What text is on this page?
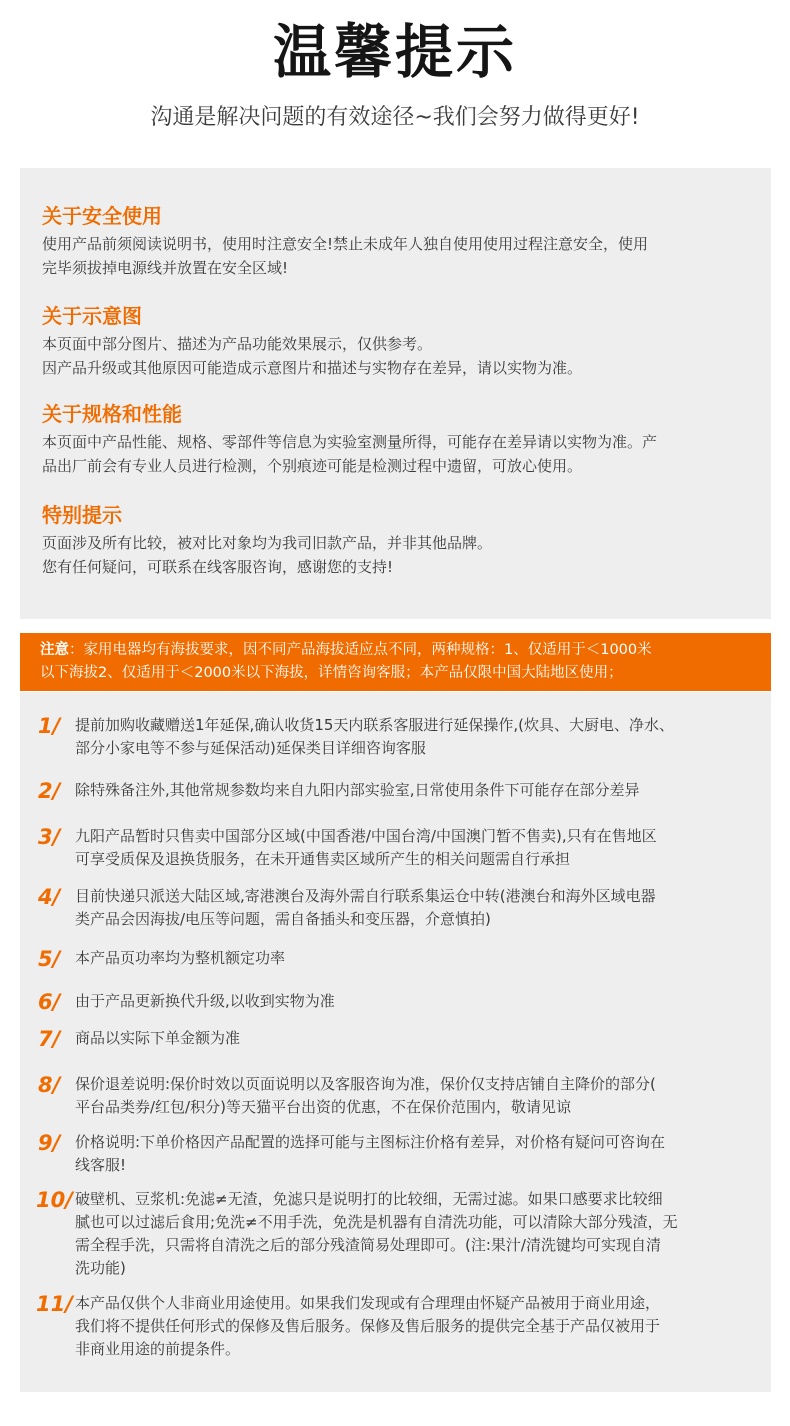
温馨提示
沟通是解决问题的有效途径~我们会努力做得更好!
关于安全使用
使用产品前须阅读说明书，使用时注意安全!禁止未成年人独自使用使用过程注意安全，使用
完毕须拔掉电源线并放置在安全区域!
关于示意图
本页面中部分图片、描述为产品功能效果展示，仅供参考。
因产品升级或其他原因可能造成示意图片和描述与实物存在差异，请以实物为准。
关于规格和性能
本页面中产品性能、规格、零部件等信息为实验室测量所得，可能存在差异请以实物为准。产
品出厂前会有专业人员进行检测，个别痕迹可能是检测过程中遗留，可放心使用。
特别提示
页面涉及所有比较，被对比对象均为我司旧款产品，并非其他品牌。
您有任何疑问，可联系在线客服咨询，感谢您的支持!
注意：家用电器均有海拔要求，因不同产品海拔适应点不同，两种规格：1、仅适用于＜1000米
以下海拔2、仅适用于＜2000米以下海拔，详情咨询客服；本产品仅限中国大陆地区使用；
1/ 提前加购收藏赠送1年延保,确认收货15天内联系客服进行延保操作,(炊具、大厨电、净水、
部分小家电等不参与延保活动)延保类目详细咨询客服
2/ 除特殊备注外,其他常规参数均来自九阳内部实验室,日常使用条件下可能存在部分差异
3/ 九阳产品暂时只售卖中国部分区域(中国香港/中国台湾/中国澳门暂不售卖),只有在售地区
可享受质保及退换货服务，在未开通售卖区域所产生的相关问题需自行承担
4/ 目前快递只派送大陆区域,寄港澳台及海外需自行联系集运仓中转(港澳台和海外区域电器
类产品会因海拔/电压等问题，需自备插头和变压器，介意慎拍)
5/ 本产品页功率均为整机额定功率
6/ 由于产品更新换代升级,以收到实物为准
7/ 商品以实际下单金额为准
8/ 保价退差说明:保价时效以页面说明以及客服咨询为准，保价仅支持店铺自主降价的部分(
平台品类券/红包/积分)等天猫平台出资的优惠，不在保价范围内，敬请见谅
9/ 价格说明:下单价格因产品配置的选择可能与主图标注价格有差异，对价格有疑问可咨询在
线客服!
10/ 破壁机、豆浆机:免滤≠无渣，免滤只是说明打的比较细，无需过滤。如果口感要求比较细
腻也可以过滤后食用;免洗≠不用手洗，免洗是机器有自清洗功能，可以清除大部分残渣，无
需全程手洗，只需将自清洗之后的部分残渣简易处理即可。(注:果汁/清洗键均可实现自清
洗功能)
11/ 本产品仅供个人非商业用途使用。如果我们发现或有合理理由怀疑产品被用于商业用途，
我们将不提供任何形式的保修及售后服务。保修及售后服务的提供完全基于产品仅被用于
非商业用途的前提条件。
